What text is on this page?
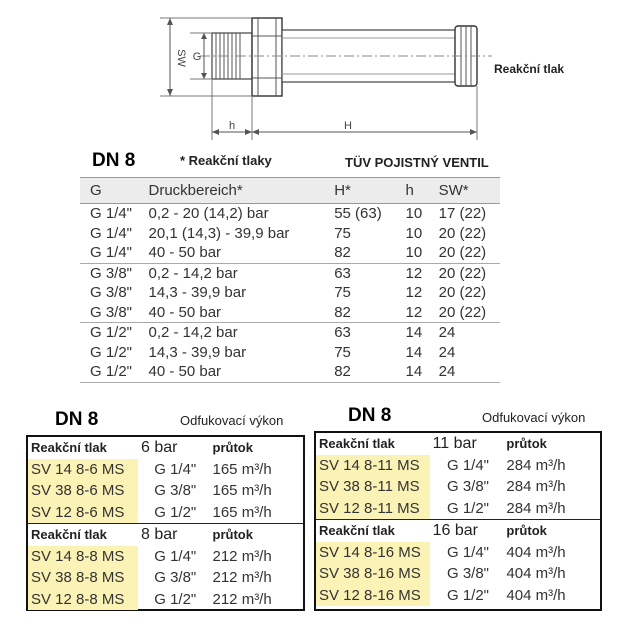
SW G
h	H
Reakční tlak
DN 8	* Reakční tlaky	TÜV POJISTNÝ VENTIL
G	Druckbereich*	H*	h	SW*
G 1/4"	0,2 - 20 (14,2) bar	55 (63)	10	17 (22)
G 1/4"	20,1 (14,3) - 39,9 bar	75	10	20 (22)
G 1/4"	40 - 50 bar	82	10	20 (22)
G 3/8"	0,2 - 14,2 bar	63	12	20 (22)
G 3/8"	14,3 - 39,9 bar	75	12	20 (22)
G 3/8"	40 - 50 bar	82	12	20 (22)
G 1/2"	0,2 - 14,2 bar	63	14	24
G 1/2"	14,3 - 39,9 bar	75	14	24
G 1/2"	40 - 50 bar	82	14	24
DN 8	Odfukovací výkon
Reakční tlak	6 bar	průtok
SV 14 8-6 MS	G 1/4"	165 m³/h
SV 38 8-6 MS	G 3/8"	165 m³/h
SV 12 8-6 MS	G 1/2"	165 m³/h
Reakční tlak	8 bar	průtok
SV 14 8-8 MS	G 1/4"	212 m³/h
SV 38 8-8 MS	G 3/8"	212 m³/h
SV 12 8-8 MS	G 1/2"	212 m³/h
DN 8	Odfukovací výkon
Reakční tlak	11 bar	průtok
SV 14 8-11 MS	G 1/4"	284 m³/h
SV 38 8-11 MS	G 3/8"	284 m³/h
SV 12 8-11 MS	G 1/2"	284 m³/h
Reakční tlak	16 bar	průtok
SV 14 8-16 MS	G 1/4"	404 m³/h
SV 38 8-16 MS	G 3/8"	404 m³/h
SV 12 8-16 MS	G 1/2"	404 m³/h
